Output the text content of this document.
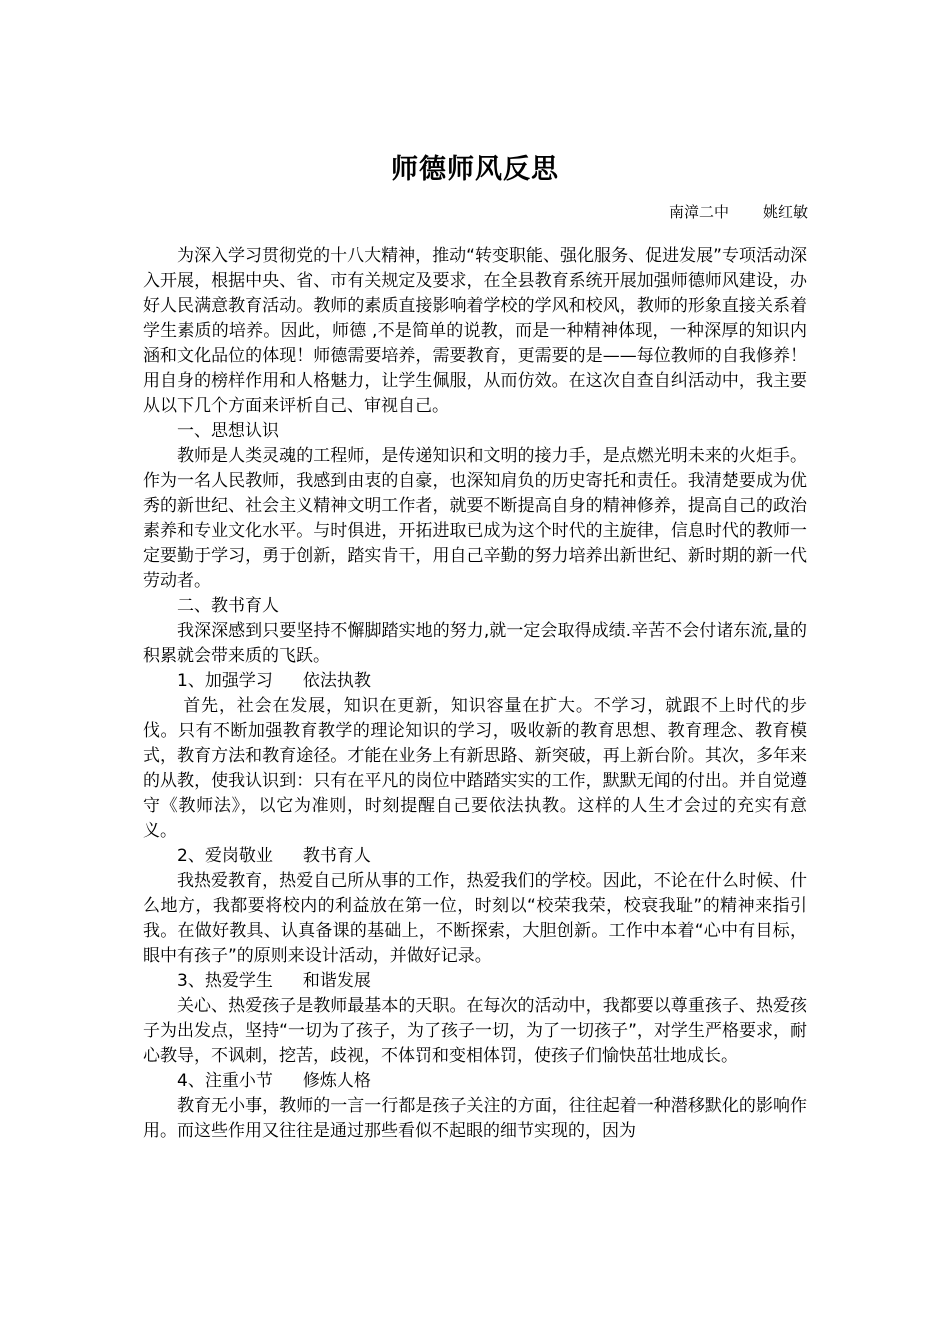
师德师风反思
南漳二中 姚红敏

为深入学习贯彻党的十八大精神，推动“转变职能、强化服务、促进发展”专项活动深入开展，根据中央、省、市有关规定及要求，在全县教育系统开展加强师德师风建设，办好人民满意教育活动。教师的素质直接影响着学校的学风和校风，教师的形象直接关系着学生素质的培养。因此，师德 ,不是简单的说教，而是一种精神体现，一种深厚的知识内涵和文化品位的体现！师德需要培养，需要教育，更需要的是——每位教师的自我修养！用自身的榜样作用和人格魅力，让学生佩服，从而仿效。在这次自查自纠活动中，我主要从以下几个方面来评析自己、审视自己。

一、思想认识

教师是人类灵魂的工程师，是传递知识和文明的接力手，是点燃光明未来的火炬手。作为一名人民教师，我感到由衷的自豪，也深知肩负的历史寄托和责任。我清楚要成为优秀的新世纪、社会主义精神文明工作者，就要不断提高自身的精神修养，提高自己的政治素养和专业文化水平。与时俱进，开拓进取已成为这个时代的主旋律，信息时代的教师一定要勤于学习，勇于创新，踏实肯干，用自己辛勤的努力培养出新世纪、新时期的新一代劳动者。

二、教书育人

我深深感到只要坚持不懈脚踏实地的努力,就一定会取得成绩.辛苦不会付诸东流,量的积累就会带来质的飞跃。

1、加强学习 依法执教

首先，社会在发展，知识在更新，知识容量在扩大。不学习，就跟不上时代的步伐。只有不断加强教育教学的理论知识的学习，吸收新的教育思想、教育理念、教育模式，教育方法和教育途径。才能在业务上有新思路、新突破，再上新台阶。其次，多年来的从教，使我认识到：只有在平凡的岗位中踏踏实实的工作，默默无闻的付出。并自觉遵守《教师法》，以它为准则，时刻提醒自己要依法执教。这样的人生才会过的充实有意义。

2、爱岗敬业 教书育人

我热爱教育，热爱自己所从事的工作，热爱我们的学校。因此，不论在什么时候、什么地方，我都要将校内的利益放在第一位，时刻以“校荣我荣，校衰我耻”的精神来指引我。在做好教具、认真备课的基础上，不断探索，大胆创新。工作中本着“心中有目标，眼中有孩子”的原则来设计活动，并做好记录。

3、热爱学生 和谐发展

关心、热爱孩子是教师最基本的天职。在每次的活动中，我都要以尊重孩子、热爱孩子为出发点，坚持“一切为了孩子，为了孩子一切，为了一切孩子”，对学生严格要求，耐心教导，不讽刺，挖苦，歧视，不体罚和变相体罚，使孩子们愉快茁壮地成长。

4、注重小节 修炼人格

教育无小事，教师的一言一行都是孩子关注的方面，往往起着一种潜移默化的影响作用。而这些作用又往往是通过那些看似不起眼的细节实现的，因为
